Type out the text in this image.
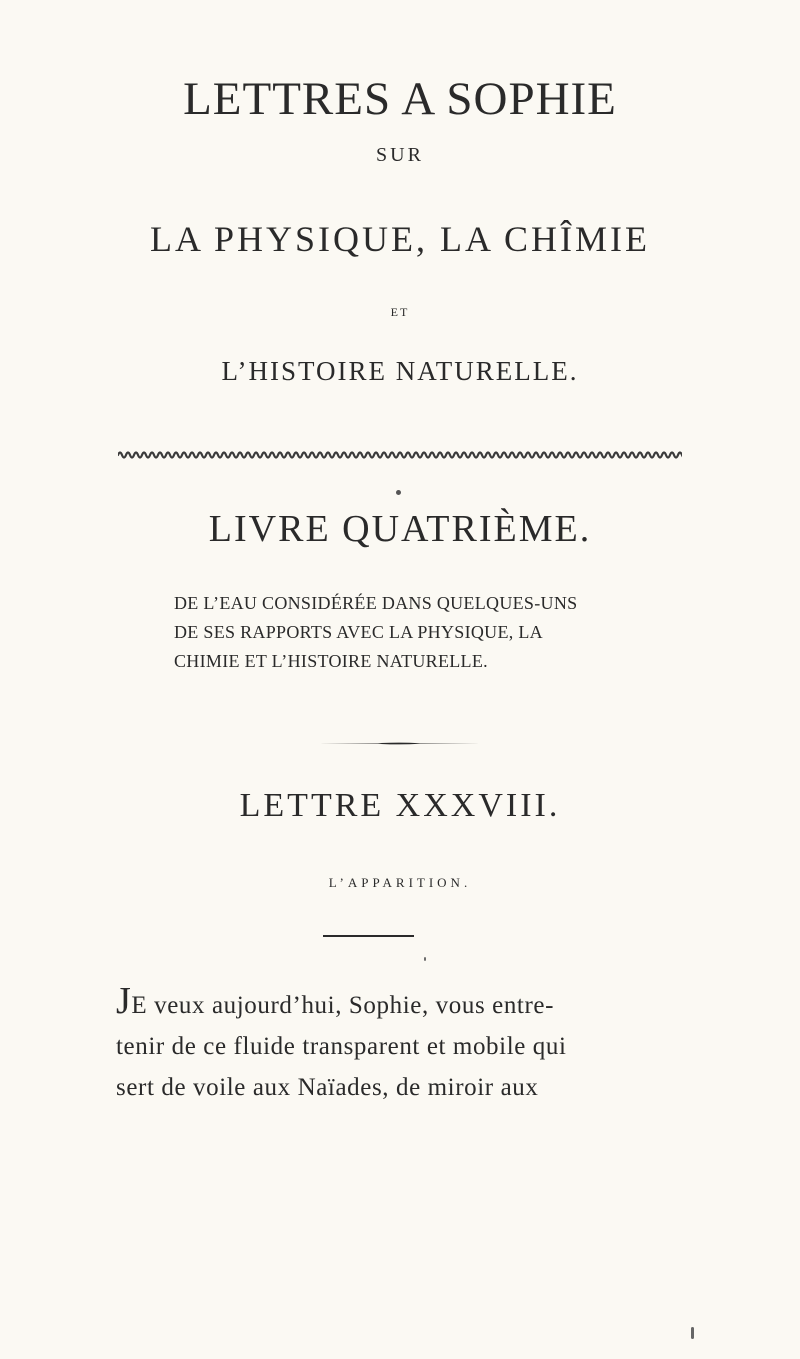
LETTRES A SOPHIE
SUR
LA PHYSIQUE, LA CHÎMIE
ET
L’HISTOIRE NATURELLE.
LIVRE QUATRIÈME.
DE L’EAU CONSIDÉRÉE DANS QUELQUES-UNS
DE SES RAPPORTS AVEC LA PHYSIQUE, LA
CHIMIE ET L’HISTOIRE NATURELLE.
LETTRE XXXVIII.
L’APPARITION.
JE veux aujourd’hui, Sophie, vous entre-
tenir de ce fluide transparent et mobile qui
sert de voile aux Naïades, de miroir aux
